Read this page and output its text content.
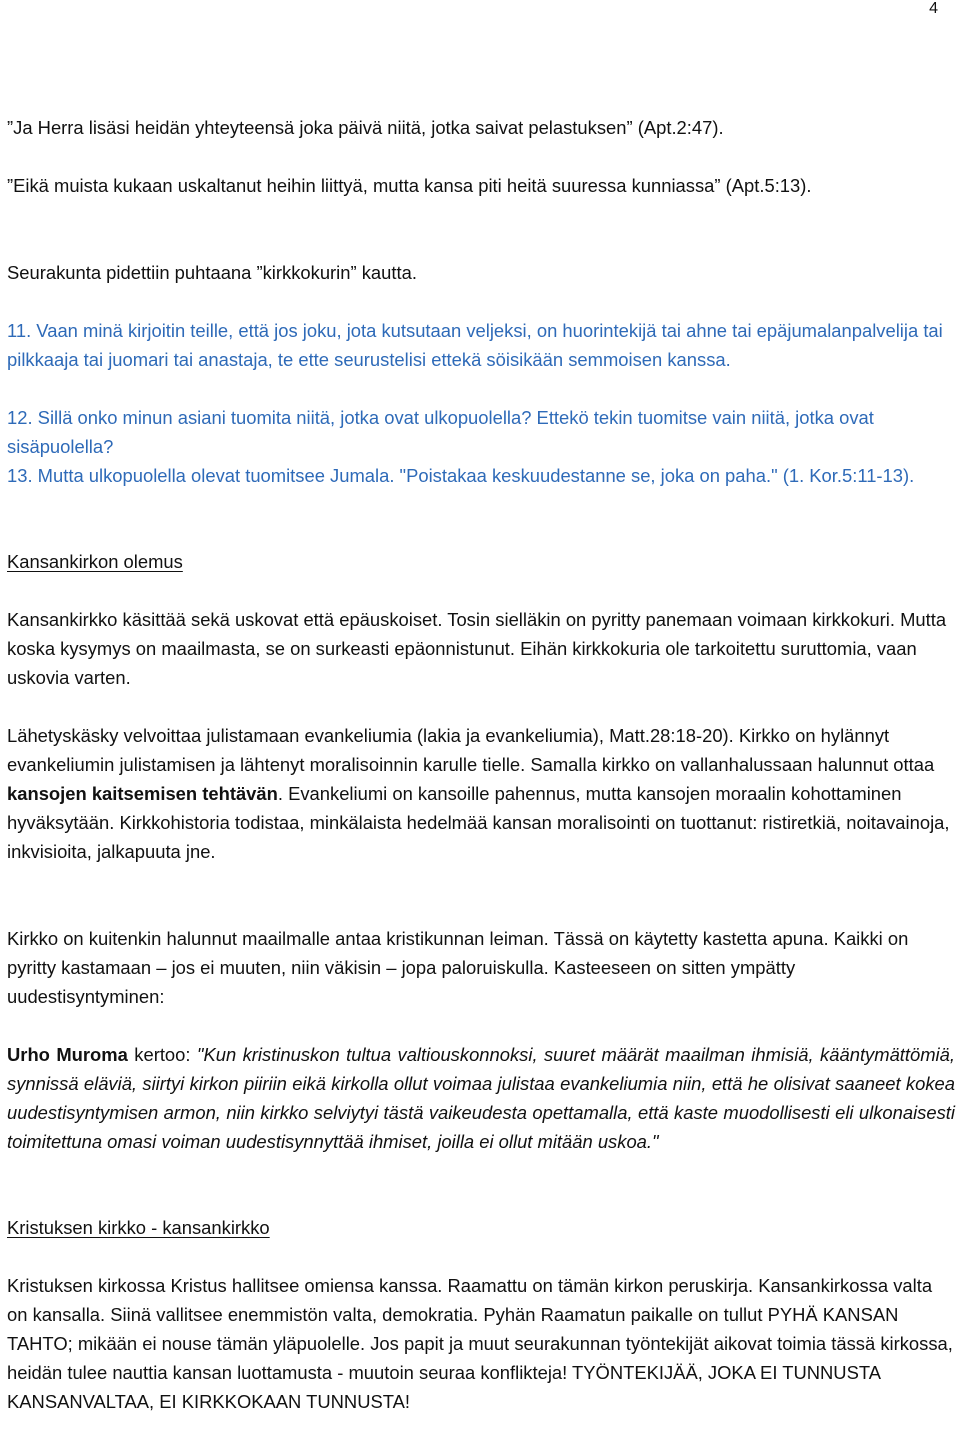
4

”Ja Herra lisäsi heidän yhteyteensä joka päivä niitä, jotka saivat pelastuksen” (Apt.2:47).

”Eikä muista kukaan uskaltanut heihin liittyä, mutta kansa piti heitä suuressa kunniassa” (Apt.5:13).

Seurakunta pidettiin puhtaana ”kirkkokurin” kautta.

11. Vaan minä kirjoitin teille, että jos joku, jota kutsutaan veljeksi, on huorintekijä tai ahne tai epäjumalanpalvelija tai pilkkaaja tai juomari tai anastaja, te ette seurustelisi ettekä söisikään semmoisen kanssa.

12. Sillä onko minun asiani tuomita niitä, jotka ovat ulkopuolella? Ettekö tekin tuomitse vain niitä, jotka ovat sisäpuolella?

13. Mutta ulkopuolella olevat tuomitsee Jumala. "Poistakaa keskuudestanne se, joka on paha." (1. Kor.5:11-13).

Kansankirkon olemus

Kansankirkko käsittää sekä uskovat että epäuskoiset. Tosin sielläkin on pyritty panemaan voimaan kirkkokuri. Mutta koska kysymys on maailmasta, se on surkeasti epäonnistunut. Eihän kirkkokuria ole tarkoitettu suruttomia, vaan uskovia varten.

Lähetyskäsky velvoittaa julistamaan evankeliumia (lakia ja evankeliumia), Matt.28:18-20). Kirkko on hylännyt evankeliumin julistamisen ja lähtenyt moralisoinnin karulle tielle. Samalla kirkko on vallanhalussaan halunnut ottaa kansojen kaitsemisen tehtävän. Evankeliumi on kansoille pahennus, mutta kansojen moraalin kohottaminen hyväksytään. Kirkkohistoria todistaa, minkälaista hedelmää kansan moralisointi on tuottanut: ristiretkiä, noitavainoja, inkvisioita, jalkapuuta jne.

Kirkko on kuitenkin halunnut maailmalle antaa kristikunnan leiman. Tässä on käytetty kastetta apuna. Kaikki on pyritty kastamaan – jos ei muuten, niin väkisin – jopa paloruiskulla. Kasteeseen on sitten ympätty uudestisyntyminen:

Urho Muroma kertoo: "Kun kristinuskon tultua valtiouskonnoksi, suuret määrät maailman ihmisiä, kääntymättömiä, synnissä eläviä, siirtyi kirkon piiriin eikä kirkolla ollut voimaa julistaa evankeliumia niin, että he olisivat saaneet kokea uudestisyntymisen armon, niin kirkko selviytyi tästä vaikeudesta opettamalla, että kaste muodollisesti eli ulkonaisesti toimitettuna omasi voiman uudestisynnyttää ihmiset, joilla ei ollut mitään uskoa."

Kristuksen kirkko - kansankirkko

Kristuksen kirkossa Kristus hallitsee omiensa kanssa. Raamattu on tämän kirkon peruskirja. Kansankirkossa valta on kansalla. Siinä vallitsee enemmistön valta, demokratia. Pyhän Raamatun paikalle on tullut PYHÄ KANSAN TAHTO; mikään ei nouse tämän yläpuolelle. Jos papit ja muut seurakunnan työntekijät aikovat toimia tässä kirkossa, heidän tulee nauttia kansan luottamusta - muutoin seuraa konflikteja! TYÖNTEKIJÄÄ, JOKA EI TUNNUSTA KANSANVALTAA, EI KIRKKOKAAN TUNNUSTA!
